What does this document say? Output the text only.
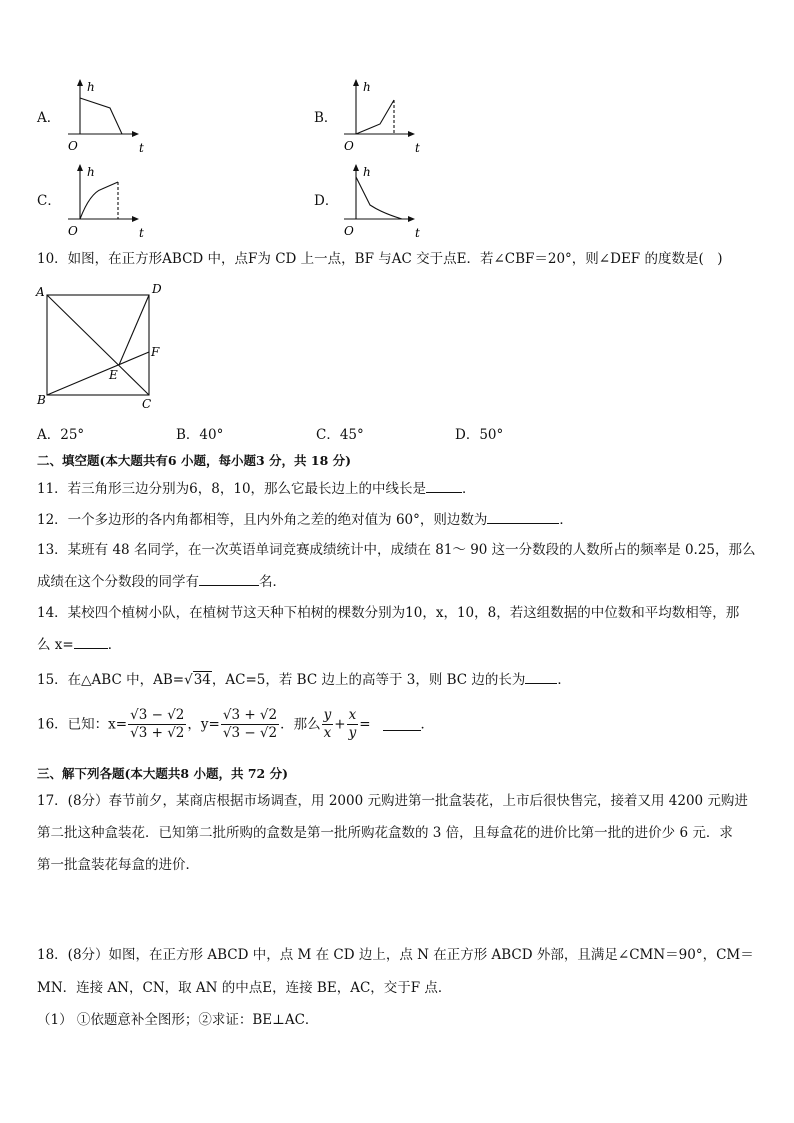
A．
h
O	t
B．
h
O	t
C．
h
O	t
D．
h
O	t
10．如图，在正方形ABCD 中，点F为 CD 上一点，BF 与AC 交于点E．若∠CBF＝20°，则∠DEF 的度数是(　)
A	D
B	C
F
E
A．25°	B．40°	C．45°	D．50°
二、填空题(本大题共有6 小题，每小题3 分，共 18 分)
11．若三角形三边分别为6，8，10，那么它最长边上的中线长是	．
12．一个多边形的各内角都相等，且内外角之差的绝对值为 60°，则边数为	．
13．某班有 48 名同学，在一次英语单词竞赛成绩统计中，成绩在 81～ 90 这一分数段的人数所占的频率是 0.25，那么
成绩在这个分数段的同学有	名．
14．某校四个植树小队，在植树节这天种下柏树的棵数分别为10，x，10，8，若这组数据的中位数和平均数相等，那
么 x=	．
15．在△ABC 中，AB=√34，AC=5，若 BC 边上的高等于 3，则 BC 边的长为 ．
16．已知：$x= \frac{√3 - √2}{√3 + √2}$ ，$y= \frac{√3 + √2}{√3 - √2}$ ．那么 $\frac{y}{x} + \frac{x}{y}$ =	．
三、解下列各题(本大题共8 小题，共 72 分)
17．(8分）春节前夕，某商店根据市场调查，用 2000 元购进第一批盒装花，上市后很快售完，接着又用 4200 元购进
第二批这种盒装花．已知第二批所购的盒数是第一批所购花盒数的 3 倍，且每盒花的进价比第一批的进价少 6 元．求
第一批盒装花每盒的进价．
18．(8分）如图，在正方形 ABCD 中，点 M 在 CD 边上，点 N 在正方形 ABCD 外部，且满足∠CMN＝90°，CM＝
MN．连接 AN，CN，取 AN 的中点E，连接 BE，AC，交于F 点．
（1） ①依题意补全图形；②求证：BE⊥AC．
